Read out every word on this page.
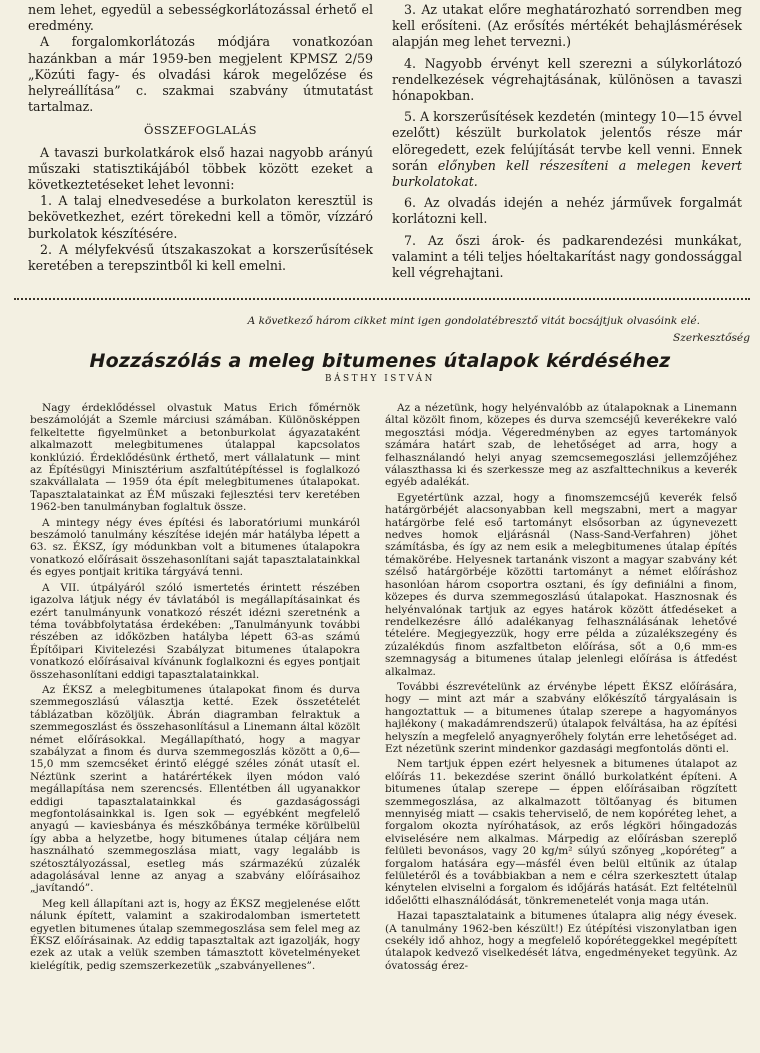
nem lehet, egyedül a sebességkorlátozással érhető el eredmény.

A forgalomkorlátozás módjára vonatkozóan hazánkban a már 1959-ben megjelent KPMSZ 2/59 „Közúti fagy- és olvadási károk megelőzése és helyreállítása” c. szakmai szabvány útmutatást tartalmaz.

ÖSSZEFOGLALÁS

A tavaszi burkolatkárok első hazai nagyobb arányú műszaki statisztikájából többek között ezeket a következtetéseket lehet levonni:

1. A talaj elnedvesedése a burkolaton keresztül is bekövetkezhet, ezért törekedni kell a tömör, vízzáró burkolatok készítésére.

2. A mélyfekvésű útszakaszokat a korszerűsítések keretében a terepszintből ki kell emelni.

3. Az utakat előre meghatározható sorrendben meg kell erősíteni. (Az erősítés mértékét behajlásmérések alapján meg lehet tervezni.)

4. Nagyobb érvényt kell szerezni a súlykorlátozó rendelkezések végrehajtásának, különösen a tavaszi hónapokban.

5. A korszerűsítések kezdetén (mintegy 10—15 évvel ezelőtt) készült burkolatok jelentős része már elöregedett, ezek felújítását tervbe kell venni. Ennek során előnyben kell részesíteni a melegen kevert burkolatokat.

6. Az olvadás idején a nehéz járművek forgalmát korlátozni kell.

7. Az őszi árok- és padkarendezési munkákat, valamint a téli teljes hóeltakarítást nagy gondossággal kell végrehajtani.

A következő három cikket mint igen gondolatébresztő vitát bocsájtjuk olvasóink elé.
Szerkesztőség
Hozzászólás a meleg bitumenes útalapok kérdéséhez
BÁSTHY ISTVÁN

Nagy érdeklődéssel olvastuk Matus Erich főmérnök beszámolóját a Szemle márciusi számában. Különösképpen felkeltette figyelmünket a betonburkolat ágyazataként alkalmazott melegbitumenes útalappal kapcsolatos konklúzió. Érdeklődésünk érthető, mert vállalatunk — mint az Építésügyi Minisztérium aszfaltútépítéssel is foglalkozó szakvállalata — 1959 óta épít melegbitumenes útalapokat. Tapasztalatainkat az ÉM műszaki fejlesztési terv keretében 1962-ben tanulmányban foglaltuk össze.

A mintegy négy éves építési és laboratóriumi munkáról beszámoló tanulmány készítése idején már hatályba lépett a 63. sz. ÉKSZ, így módunkban volt a bitumenes útalapokra vonatkozó előírásait összehasonlítani saját tapasztalatainkkal és egyes pontjait kritika tárgyává tenni.

A VII. útpályáról szóló ismertetés érintett részében igazolva látjuk négy év távlatából is megállapításainkat és ezért tanulmányunk vonatkozó részét idézni szeretnénk a téma továbbfolytatása érdekében: „Tanulmányunk további részében az időközben hatályba lépett 63-as számú Építőipari Kivitelezési Szabályzat bitumenes útalapokra vonatkozó előírásaival kívánunk foglalkozni és egyes pontjait összehasonlítani eddigi tapasztalatainkkal.

Az ÉKSZ a melegbitumenes útalapokat finom és durva szemmegoszlású választja ketté. Ezek összetételét táblázatban közöljük. Ábrán diagramban felraktuk a szemmegoszlást és összehasonlításul a Linemann által közölt német előírásokkal. Megállapítható, hogy a magyar szabályzat a finom és durva szemmegoszlás között a 0,6—15,0 mm szemcséket érintő eléggé széles zónát utasít el. Néztünk szerint a határértékek ilyen módon való megállapítása nem szerencsés. Ellentétben áll ugyanakkor eddigi tapasztalatainkkal és gazdaságossági megfontolásainkkal is. Igen sok — egyébként megfelelő anyagú — kaviesbánya és mészkőbánya terméke körülbelül így abba a helyzetbe, hogy bitumenes útalap céljára nem használható szemmegoszlása miatt, vagy legalább is szétosztályozással, esetleg más származékú zúzalék adagolásával lenne az anyag a szabvány előírásaihoz „javítandó”.

Meg kell állapítani azt is, hogy az ÉKSZ megjelenése előtt nálunk épített, valamint a szakirodalomban ismertetett egyetlen bitumenes útalap szemmegoszlása sem felel meg az ÉKSZ előírásainak. Az eddig tapasztaltak azt igazolják, hogy ezek az utak a velük szemben támasztott követelményeket kielégítik, pedig szemszerkezetük „szabványellenes”.

Az a nézetünk, hogy helyénvalóbb az útalapoknak a Linemann által közölt finom, közepes és durva szemcséjű keverékekre való megosztási módja. Végeredményben az egyes tartományok számára határt szab, de lehetőséget ad arra, hogy a felhasználandó helyi anyag szemcsemegoszlási jellemzőjéhez választhassa ki és szerkessze meg az aszfalttechnikus a keverék egyéb adalékát.

Egyetértünk azzal, hogy a finomszemcséjű keverék felső határgörbéjét alacsonyabban kell megszabni, mert a magyar határgörbe felé eső tartományt elsősorban az úgynevezett nedves homok eljárásnál (Nass-Sand-Verfahren) jöhet számításba, és így az nem esik a melegbitumenes útalap építés témakörébe. Helyesnek tartanánk viszont a magyar szabvány két szélső határgörbéje közötti tartományt a német előíráshoz hasonlóan három csoportra osztani, és így definiálni a finom, közepes és durva szemmegoszlású útalapokat. Hasznosnak és helyénvalónak tartjuk az egyes határok között átfedéseket a rendelkezésre álló adalékanyag felhasználásának lehetővé tételére. Megjegyezzük, hogy erre példa a zúzalékszegény és zúzalékdús finom aszfaltbeton előírása, sőt a 0,6 mm-es szemnagyság a bitumenes útalap jelenlegi előírása is átfedést alkalmaz.

További észrevételünk az érvénybe lépett ÉKSZ előírására, hogy — mint azt már a szabvány előkészítő tárgyalásain is hangoztattuk — a bitumenes útalap szerepe a hagyományos hajlékony ( makadámrendszerű) útalapok felváltása, ha az építési helyszín a megfelelő anyagnyerőhely folytán erre lehetőséget ad. Ezt nézetünk szerint mindenkor gazdasági megfontolás dönti el.

Nem tartjuk éppen ezért helyesnek a bitumenes útalapot az előírás 11. bekezdése szerint önálló burkolatként építeni. A bitumenes útalap szerepe — éppen előírásaiban rögzített szemmegoszlása, az alkalmazott töltőanyag és bitumen mennyiség miatt — csakis teherviselő, de nem kopóréteg lehet, a forgalom okozta nyíróhatások, az erős légköri hőingadozás elviselésére nem alkalmas. Márpedig az előírásban szereplő felületi bevonásos, vagy 20 kg/m² súlyú szőnyeg „kopóréteg” a forgalom hatására egy—másfél éven belül eltűnik az útalap felületéről és a továbbiakban a nem e célra szerkesztett útalap kénytelen elviselni a forgalom és időjárás hatását. Ezt feltételnül időelőtti elhasználódását, tönkremenetelét vonja maga után.

Hazai tapasztalataink a bitumenes útalapra alig négy évesek. (A tanulmány 1962-ben készült!) Ez útépítési viszonylatban igen csekély idő ahhoz, hogy a megfelelő kopóréteggekkel megépített útalapok kedvező viselkedését látva, engedményeket tegyünk. Az óvatosság érez-
